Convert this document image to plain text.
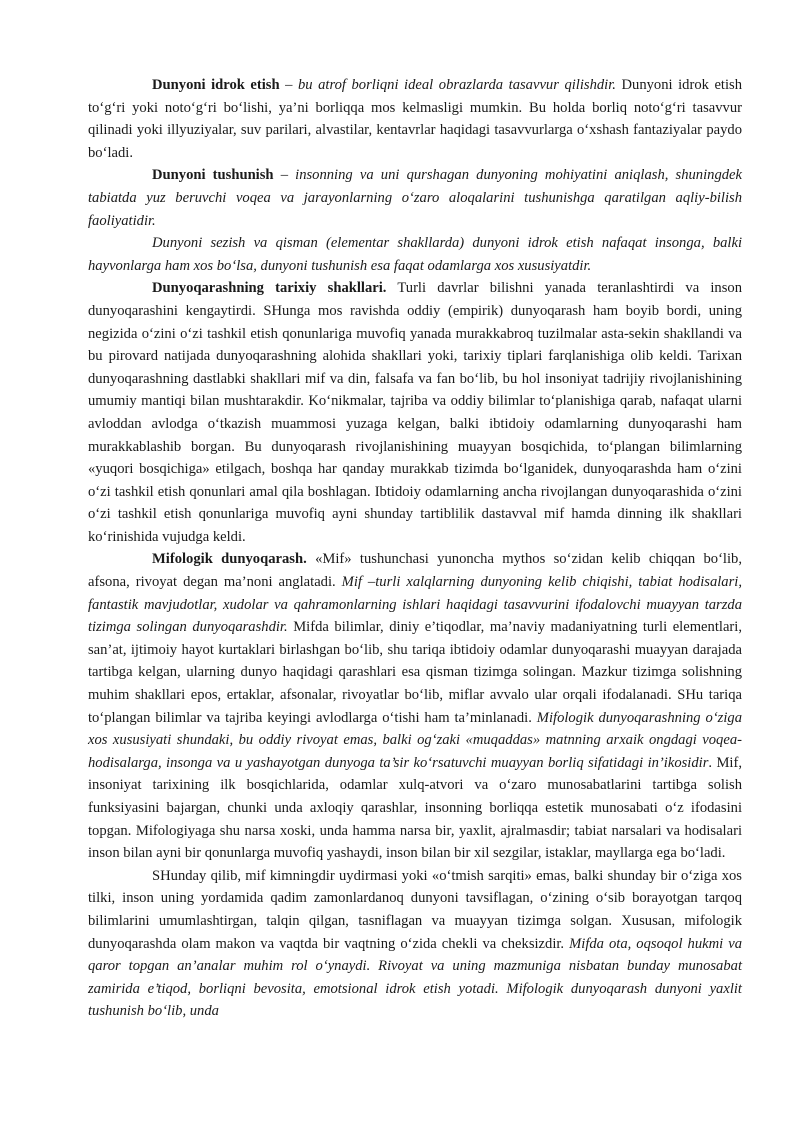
Dunyoni idrok etish – bu atrof borliqni ideal obrazlarda tasavvur qilishdir. Dunyoni idrok etish to‘g‘ri yoki noto‘g‘ri bo‘lishi, ya’ni borliqqa mos kelmasligi mumkin. Bu holda borliq noto‘g‘ri tasavvur qilinadi yoki illyuziyalar, suv parilari, alvastilar, kentavrlar haqidagi tasavvurlarga o‘xshash fantaziyalar paydo bo‘ladi.

Dunyoni tushunish – insonning va uni qurshagan dunyoning mohiyatini aniqlash, shuningdek tabiatda yuz beruvchi voqea va jarayonlarning o‘zaro aloqalarini tushunishga qaratilgan aqliy-bilish faoliyatidir.

Dunyoni sezish va qisman (elementar shakllarda) dunyoni idrok etish nafaqat insonga, balki hayvonlarga ham xos bo‘lsa, dunyoni tushunish esa faqat odamlarga xos xususiyatdir.

Dunyoqarashning tarixiy shakllari. Turli davrlar bilishni yanada teranlashtirdi va inson dunyoqarashini kengaytirdi. SHunga mos ravishda oddiy (empirik) dunyoqarash ham boyib bordi, uning negizida o‘zini o‘zi tashkil etish qonunlariga muvofiq yanada murakkabroq tuzilmalar asta-sekin shakllandi va bu pirovard natijada dunyoqarashning alohida shakllari yoki, tarixiy tiplari farqlanishiga olib keldi. Tarixan dunyoqarashning dastlabki shakllari mif va din, falsafa va fan bo‘lib, bu hol insoniyat tadrijiy rivojlanishining umumiy mantiqi bilan mushtarakdir. Ko‘nikmalar, tajriba va oddiy bilimlar to‘planishiga qarab, nafaqat ularni avloddan avlodga o‘tkazish muammosi yuzaga kelgan, balki ibtidoiy odamlarning dunyoqarashi ham murakkablashib borgan. Bu dunyoqarash rivojlanishining muayyan bosqichida, to‘plangan bilimlarning «yuqori bosqichiga» etilgach, boshqa har qanday murakkab tizimda bo‘lganidek, dunyoqarashda ham o‘zini o‘zi tashkil etish qonunlari amal qila boshlagan. Ibtidoiy odamlarning ancha rivojlangan dunyoqarashida o‘zini o‘zi tashkil etish qonunlariga muvofiq ayni shunday tartiblilik dastavval mif hamda dinning ilk shakllari ko‘rinishida vujudga keldi.

Mifologik dunyoqarash. «Mif» tushunchasi yunoncha mythos so‘zidan kelib chiqqan bo‘lib, afsona, rivoyat degan ma’noni anglatadi. Mif –turli xalqlarning dunyoning kelib chiqishi, tabiat hodisalari, fantastik mavjudotlar, xudolar va qahramonlarning ishlari haqidagi tasavvurini ifodalovchi muayyan tarzda tizimga solingan dunyoqarashdir. Mifda bilimlar, diniy e’tiqodlar, ma’naviy madaniyatning turli elementlari, san’at, ijtimoiy hayot kurtaklari birlashgan bo‘lib, shu tariqa ibtidoiy odamlar dunyoqarashi muayyan darajada tartibga kelgan, ularning dunyo haqidagi qarashlari esa qisman tizimga solingan. Mazkur tizimga solishning muhim shakllari epos, ertaklar, afsonalar, rivoyatlar bo‘lib, miflar avvalo ular orqali ifodalanadi. SHu tariqa to‘plangan bilimlar va tajriba keyingi avlodlarga o‘tishi ham ta’minlanadi. Mifologik dunyoqarashning o‘ziga xos xususiyati shundaki, bu oddiy rivoyat emas, balki og‘zaki «muqaddas» matnning arxaik ongdagi voqea-hodisalarga, insonga va u yashayotgan dunyoga ta’sir ko‘rsatuvchi muayyan borliq sifatidagi in’ikosidir. Mif, insoniyat tarixining ilk bosqichlarida, odamlar xulq-atvori va o‘zaro munosabatlarini tartibga solish funksiyasini bajargan, chunki unda axloqiy qarashlar, insonning borliqqa estetik munosabati o‘z ifodasini topgan. Mifologiyaga shu narsa xoski, unda hamma narsa bir, yaxlit, ajralmasdir; tabiat narsalari va hodisalari inson bilan ayni bir qonunlarga muvofiq yashaydi, inson bilan bir xil sezgilar, istaklar, mayllarga ega bo‘ladi.

SHunday qilib, mif kimningdir uydirmasi yoki «o‘tmish sarqiti» emas, balki shunday bir o‘ziga xos tilki, inson uning yordamida qadim zamonlardanoq dunyoni tavsiflagan, o‘zining o‘sib borayotgan tarqoq bilimlarini umumlashtirgan, talqin qilgan, tasniflagan va muayyan tizimga solgan. Xususan, mifologik dunyoqarashda olam makon va vaqtda bir vaqtning o‘zida chekli va cheksizdir. Mifda ota, oqsoqol hukmi va qaror topgan an’analar muhim rol o‘ynaydi. Rivoyat va uning mazmuniga nisbatan bunday munosabat zamirida e’tiqod, borliqni bevosita, emotsional idrok etish yotadi. Mifologik dunyoqarash dunyoni yaxlit tushunish bo‘lib, unda
